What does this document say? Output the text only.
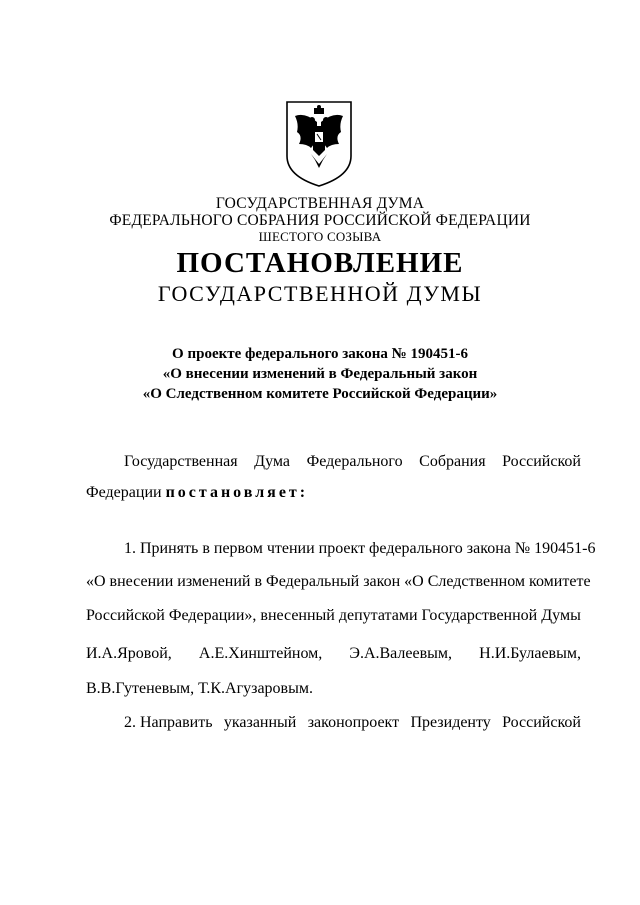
ГОСУДАРСТВЕННАЯ ДУМА
ФЕДЕРАЛЬНОГО СОБРАНИЯ РОССИЙСКОЙ ФЕДЕРАЦИИ
ШЕСТОГО СОЗЫВА
ПОСТАНОВЛЕНИЕ
ГОСУДАРСТВЕННОЙ ДУМЫ
О проекте федерального закона № 190451-6
«О внесении изменений в Федеральный закон
«О Следственном комитете Российской Федерации»
Государственная Дума Федерального Собрания Российской
Федерации постановляет:
1. Принять в первом чтении проект федерального закона № 190451-6
«О внесении изменений в Федеральный закон «О Следственном комитете
Российской Федерации», внесенный депутатами Государственной Думы
И.А.Яровой, А.Е.Хинштейном, Э.А.Валеевым, Н.И.Булаевым,
В.В.Гутеневым, Т.К.Агузаровым.
2. Направить указанный законопроект Президенту Российской
